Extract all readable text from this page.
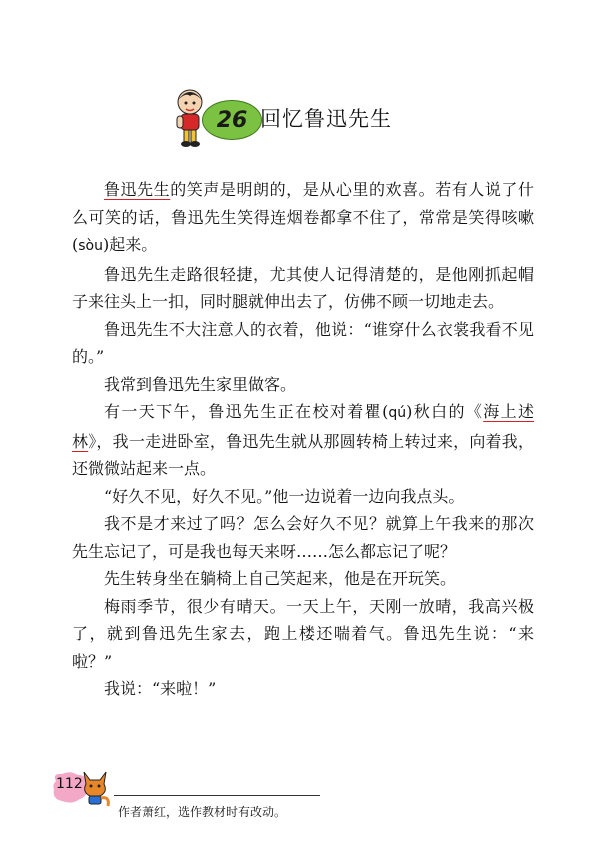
26 回忆鲁迅先生

鲁迅先生的笑声是明朗的，是从心里的欢喜。若有人说了什么可笑的话，鲁迅先生笑得连烟卷都拿不住了，常常是笑得咳嗽(sòu)起来。

鲁迅先生走路很轻捷，尤其使人记得清楚的，是他刚抓起帽子来往头上一扣，同时腿就伸出去了，仿佛不顾一切地走去。

鲁迅先生不大注意人的衣着，他说：“谁穿什么衣裳我看不见的。”

我常到鲁迅先生家里做客。

有一天下午，鲁迅先生正在校对着瞿(qú)秋白的《海上述林》，我一走进卧室，鲁迅先生就从那圆转椅上转过来，向着我，还微微站起来一点。

“好久不见，好久不见。”他一边说着一边向我点头。

我不是才来过了吗？怎么会好久不见？就算上午我来的那次先生忘记了，可是我也每天来呀……怎么都忘记了呢？

先生转身坐在躺椅上自己笑起来，他是在开玩笑。

梅雨季节，很少有晴天。一天上午，天刚一放晴，我高兴极了，就到鲁迅先生家去，跑上楼还喘着气。鲁迅先生说：“来啦？”

我说：“来啦！”

112
作者萧红，选作教材时有改动。
